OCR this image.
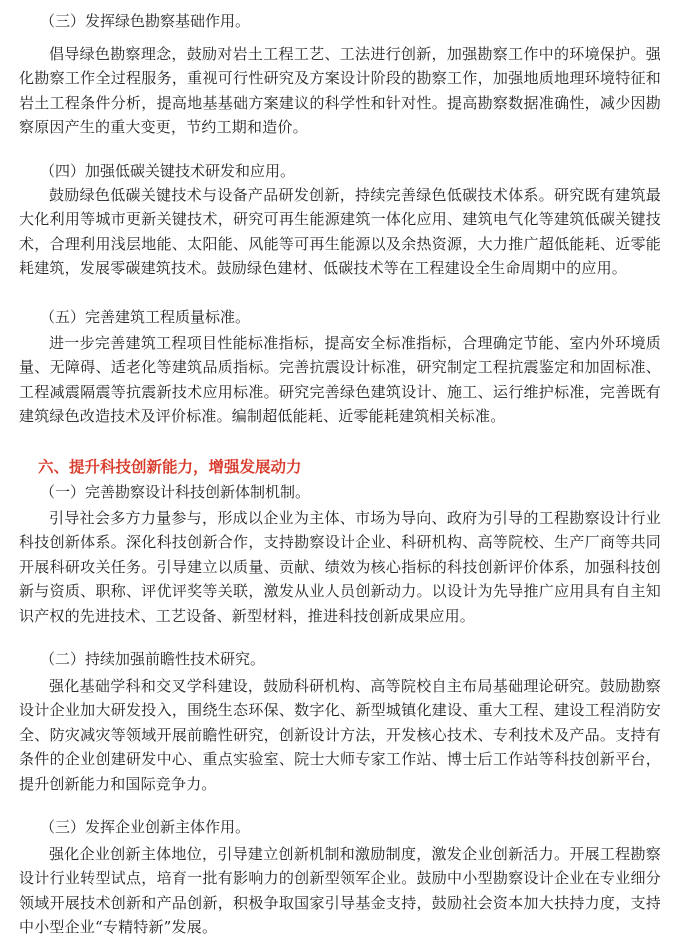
（三）发挥绿色勘察基础作用。

倡导绿色勘察理念，鼓励对岩土工程工艺、工法进行创新，加强勘察工作中的环境保护。强化勘察工作全过程服务，重视可行性研究及方案设计阶段的勘察工作，加强地质地理环境特征和岩土工程条件分析，提高地基基础方案建议的科学性和针对性。提高勘察数据准确性，减少因勘察原因产生的重大变更，节约工期和造价。

（四）加强低碳关键技术研发和应用。

鼓励绿色低碳关键技术与设备产品研发创新，持续完善绿色低碳技术体系。研究既有建筑最大化利用等城市更新关键技术，研究可再生能源建筑一体化应用、建筑电气化等建筑低碳关键技术，合理利用浅层地能、太阳能、风能等可再生能源以及余热资源，大力推广超低能耗、近零能耗建筑，发展零碳建筑技术。鼓励绿色建材、低碳技术等在工程建设全生命周期中的应用。

（五）完善建筑工程质量标准。

进一步完善建筑工程项目性能标准指标，提高安全标准指标，合理确定节能、室内外环境质量、无障碍、适老化等建筑品质指标。完善抗震设计标准，研究制定工程抗震鉴定和加固标准、工程减震隔震等抗震新技术应用标准。研究完善绿色建筑设计、施工、运行维护标准，完善既有建筑绿色改造技术及评价标准。编制超低能耗、近零能耗建筑相关标准。

六、提升科技创新能力，增强发展动力
（一）完善勘察设计科技创新体制机制。

引导社会多方力量参与，形成以企业为主体、市场为导向、政府为引导的工程勘察设计行业科技创新体系。深化科技创新合作，支持勘察设计企业、科研机构、高等院校、生产厂商等共同开展科研攻关任务。引导建立以质量、贡献、绩效为核心指标的科技创新评价体系，加强科技创新与资质、职称、评优评奖等关联，激发从业人员创新动力。以设计为先导推广应用具有自主知识产权的先进技术、工艺设备、新型材料，推进科技创新成果应用。

（二）持续加强前瞻性技术研究。

强化基础学科和交叉学科建设，鼓励科研机构、高等院校自主布局基础理论研究。鼓励勘察设计企业加大研发投入，围绕生态环保、数字化、新型城镇化建设、重大工程、建设工程消防安全、防灾减灾等领域开展前瞻性研究，创新设计方法，开发核心技术、专利技术及产品。支持有条件的企业创建研发中心、重点实验室、院士大师专家工作站、博士后工作站等科技创新平台，提升创新能力和国际竞争力。

（三）发挥企业创新主体作用。

强化企业创新主体地位，引导建立创新机制和激励制度，激发企业创新活力。开展工程勘察设计行业转型试点，培育一批有影响力的创新型领军企业。鼓励中小型勘察设计企业在专业细分领域开展技术创新和产品创新，积极争取国家引导基金支持，鼓励社会资本加大扶持力度，支持中小型企业“专精特新”发展。
